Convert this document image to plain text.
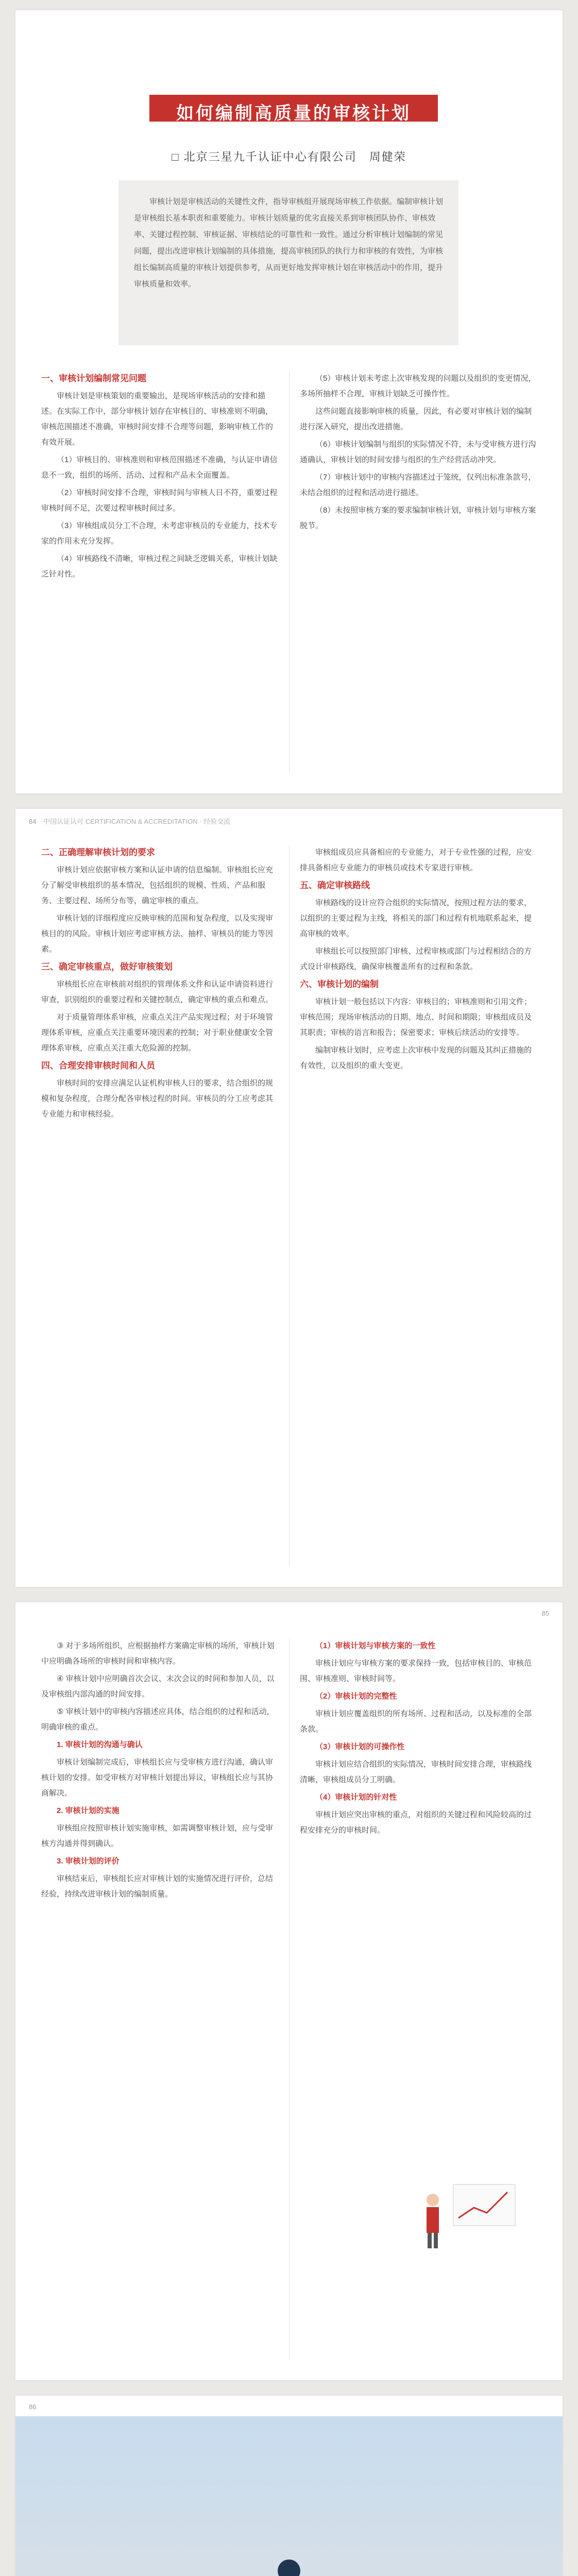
如何编制高质量的审核计划
□ 北京三星九千认证中心有限公司　周健荣
审核计划是审核活动的关键性文件，指导审核组开展现场审核工作依据。编制审核计划是审核组长基本职责和重要能力。审核计划质量的优劣直接关系到审核团队协作、审核效率、关键过程控制、审核证据、审核结论的可靠性和一致性。通过分析审核计划编制的常见问题，提出改进审核计划编制的具体措施，提高审核团队的执行力和审核的有效性，为审核组长编制高质量的审核计划提供参考，从而更好地发挥审核计划在审核活动中的作用，提升审核质量和效率。

一、审核计划编制常见问题

审核计划是审核策划的重要输出，是现场审核活动的安排和描述。在实际工作中，部分审核计划存在审核目的、审核准则不明确，审核范围描述不准确，审核时间安排不合理等问题，影响审核工作的有效开展。

（1）审核目的、审核准则和审核范围描述不准确，与认证申请信息不一致，组织的场所、活动、过程和产品未全面覆盖。

（2）审核时间安排不合理，审核时间与审核人日不符，重要过程审核时间不足，次要过程审核时间过多。

（3）审核组成员分工不合理，未考虑审核员的专业能力，技术专家的作用未充分发挥。

（4）审核路线不清晰，审核过程之间缺乏逻辑关系，审核计划缺乏针对性。

（5）审核计划未考虑上次审核发现的问题以及组织的变更情况，多场所抽样不合理，审核计划缺乏可操作性。

这些问题直接影响审核的质量，因此，有必要对审核计划的编制进行深入研究，提出改进措施。

（6）审核计划编制与组织的实际情况不符，未与受审核方进行沟通确认，审核计划的时间安排与组织的生产经营活动冲突。

（7）审核计划中的审核内容描述过于笼统，仅列出标准条款号，未结合组织的过程和活动进行描述。

（8）未按照审核方案的要求编制审核计划，审核计划与审核方案脱节。

84 中国认证认可 CERTIFICATION & ACCREDITATION · 经验交流

二、正确理解审核计划的要求

审核计划应依据审核方案和认证申请的信息编制。审核组长应充分了解受审核组织的基本情况，包括组织的规模、性质、产品和服务、主要过程、场所分布等，确定审核的重点。

审核计划的详细程度应反映审核的范围和复杂程度，以及实现审核目的的风险。审核计划应考虑审核方法、抽样、审核员的能力等因素。

三、确定审核重点，做好审核策划

审核组长应在审核前对组织的管理体系文件和认证申请资料进行审查，识别组织的重要过程和关键控制点，确定审核的重点和难点。

对于质量管理体系审核，应重点关注产品实现过程；对于环境管理体系审核，应重点关注重要环境因素的控制；对于职业健康安全管理体系审核，应重点关注重大危险源的控制。

四、合理安排审核时间和人员

审核时间的安排应满足认证机构审核人日的要求，结合组织的规模和复杂程度，合理分配各审核过程的时间。审核员的分工应考虑其专业能力和审核经验。

审核组成员应具备相应的专业能力，对于专业性强的过程，应安排具备相应专业能力的审核员或技术专家进行审核。

五、确定审核路线

审核路线的设计应符合组织的实际情况，按照过程方法的要求，以组织的主要过程为主线，将相关的部门和过程有机地联系起来，提高审核的效率。

审核组长可以按照部门审核、过程审核或部门与过程相结合的方式设计审核路线，确保审核覆盖所有的过程和条款。

六、审核计划的编制

审核计划一般包括以下内容：审核目的；审核准则和引用文件；审核范围；现场审核活动的日期、地点、时间和期限；审核组成员及其职责；审核的语言和报告；保密要求；审核后续活动的安排等。

编制审核计划时，应考虑上次审核中发现的问题及其纠正措施的有效性，以及组织的重大变更。

85

③ 对于多场所组织，应根据抽样方案确定审核的场所，审核计划中应明确各场所的审核时间和审核内容。

④ 审核计划中应明确首次会议、末次会议的时间和参加人员，以及审核组内部沟通的时间安排。

⑤ 审核计划中的审核内容描述应具体，结合组织的过程和活动，明确审核的重点。

1. 审核计划的沟通与确认

审核计划编制完成后，审核组长应与受审核方进行沟通，确认审核计划的安排。如受审核方对审核计划提出异议，审核组长应与其协商解决。

2. 审核计划的实施

审核组应按照审核计划实施审核，如需调整审核计划，应与受审核方沟通并得到确认。

3. 审核计划的评价

审核结束后，审核组长应对审核计划的实施情况进行评价，总结经验，持续改进审核计划的编制质量。

（1）审核计划与审核方案的一致性

审核计划应与审核方案的要求保持一致，包括审核目的、审核范围、审核准则、审核时间等。

（2）审核计划的完整性

审核计划应覆盖组织的所有场所、过程和活动，以及标准的全部条款。

（3）审核计划的可操作性

审核计划应结合组织的实际情况，审核时间安排合理，审核路线清晰，审核组成员分工明确。

（4）审核计划的针对性

审核计划应突出审核的重点，对组织的关键过程和风险较高的过程安排充分的审核时间。

86
